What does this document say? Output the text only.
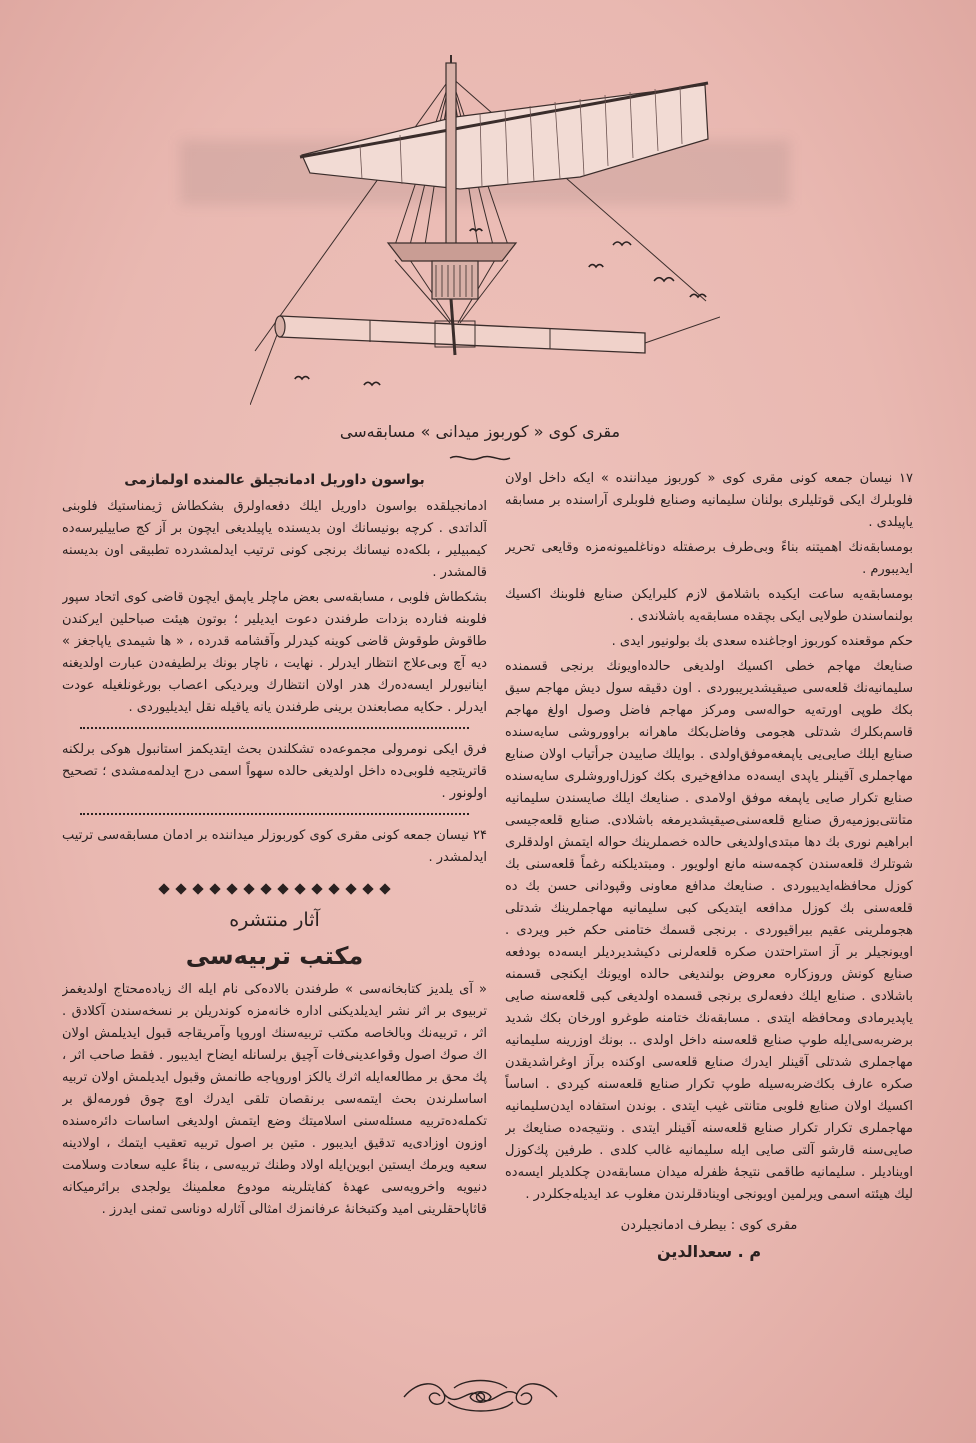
مقری کوی « کوربوز میدانی » مسابقه‌سی

۱۷ نیسان جمعه کونی مقری کوی « کوربوز میداننده » ایکه داخل اولان فلوبلرك ایکی قوتلیلری بولنان سلیمانیه وصنایع فلوبلری آراسنده بر مسابقه یاپیلدی .

بومسابقه‌نك اهمیتنه بناءً وبی‌طرف برصفتله دوناغلمیونه‌مزه وقایعی تحریر ایدیبورم .

بومسابقه‌یه ساعت ایکیده باشلامق لازم کلیرایکن صنایع فلوبنك اکسیك بولنماسندن طولایی ایکی بچقده مسابقه‌یه باشلاندی .

حکم موقعنده کوربوز اوجاغنده سعدی بك بولونیور ایدی .

صنایعك مهاجم خطی اکسیك اولدیغی حالده‌اویونك برنجی قسمنده سلیمانیه‌نك قلعه‌سی صیقیشدیریبوردی . اون دقیقه سول دیش مهاجم سیق بكك طوپی اورته‌یه حواله‌سی ومرکز مهاجم فاضل وصول اولغ مهاجم قاسم‌بكلرك شدتلی هجومی وفاضل‌بكك ماهرانه براووروشی سایه‌سنده صنایع ایلك صایی‌یی یاپمغه‌موفق‌اولدی . بوایلك صاییدن جرأتیاب اولان صنایع مهاجملری آقینلر یاپدی ایسه‌ده مدافع‌خیری بكك کوزل‌اوروشلری سایه‌سنده صنایع تکرار صایی یاپمغه موفق اولامدی . صنایعك ایلك صایسندن سلیمانیه متانتی‌بوزمیه‌رق صنایع قلعه‌سنی‌صیقیشدیرمغه باشلادی. صنایع قلعه‌جیسی ابراهیم نوری بك دها مبتدی‌اولدیغی حالده خصملرینك حواله ایتمش اولدقلری شوتلرك قلعه‌سندن کچمه‌سنه مانع اولویور . ومبتدیلکنه رغماً قلعه‌سنی بك کوزل محافظه‌ایدیبوردی . صنایعك مدافع معاونی وقپودانی حسن بك ده قلعه‌سنی بك کوزل مدافعه ایتدیکی کبی سلیمانیه مهاجملرینك شدتلی هجوملرینی عقیم بیراقیوردی . برنجی قسمك ختامنی حکم خبر ویردی . اویونجیلر بر آز استراحتدن صکره قلعه‌لرنی دکیشدیردیلر ایسه‌ده بودفعه صنایع کونش وروزکاره معروض بولندیغی حالده اویونك ایکنجی قسمنه باشلادی . صنایع ایلك دفعه‌لری برنجی قسمده اولدیغی کبی قلعه‌سنه صایی یاپدیرمادی ومحافظه ایتدی . مسابقه‌نك ختامنه طوغرو اورخان بكك شدید برضربه‌سی‌ایله طوپ صنایع قلعه‌سنه داخل اولدی .. بونك اوزرینه سلیمانیه مهاجملری شدتلی آقینلر ایدرك صنایع قلعه‌سی اوکنده برآز اوغراشدیقدن صکره عارف بکك‌ضربه‌سیله طوپ تکرار صنایع قلعه‌سنه کیردی . اساساً اکسیك اولان صنایع فلوبی متانتی غیب ایتدی . بوندن استفاده ایدن‌سلیمانیه مهاجملری تکرار تکرار صنایع قلعه‌سنه آقینلر ایتدی . ونتیجه‌ده صنایعك بر صایی‌سنه قارشو آلتی صایی ایله سلیمانیه غالب کلدی . طرفین پك‌کوزل اوینادیلر . سلیمانیه طاقمی نتیجهٔ ظفرله میدان مسابقه‌دن چکلدیلر ایسه‌ده لیك هیئته اسمی ویرلمین اویونجی اوینادقلرندن مغلوب عد ایدیله‌جکلردر .

مقری کوی : بیطرف ادمانجیلردن
م . سعدالدین
بواسون داوریل ادمانجیلق عالمنده اولمازمی

ادمانجیلقده بواسون داوریل ایلك دفعه‌اولرق بشکطاش ژیمناستیك فلوبنی آلداتدی . کرچه بونیسانك اون بدیسنده یاپیلدیغی ایچون بر آز کج صاییلیرسه‌ده کیمبیلیر ، بلکه‌ده نیسانك برنجی کونی ترتیب ایدلمشدرده تطبیقی اون بدیسنه قالمشدر .

بشکطاش فلوبی ، مسابقه‌سی بعض ماچلر یاپمق ایچون قاضی کوی اتحاد سپور فلوبنه فنارده بزدات طرفندن دعوت ایدیلیر ؛ بوتون هیئت صباحلین ایرکندن طاقوش طوقوش قاضی کوینه کیدرلر وآقشامه قدرده ، « ها شیمدی یاپاجغز » دیه آچ وبی‌علاج انتظار ایدرلر . نهایت ، ناچار بونك برلطیفه‌دن عبارت اولدیغنه اینانیورلر ایسه‌ده‌رك هدر اولان انتظارك ویردیکی اعصاب بورغونلغیله عودت ایدرلر . حکایه مصابعندن برینی طرفندن یانه یاقیله نقل ایدیلیوردی .

فرق ایکی نومرولی مجموعه‌ده تشکلندن بحث ایتدیکمز استانبول هوکی برلکنه قاتریتجیه فلوبی‌ده داخل اولدیغی حالده سهواً اسمی درج ایدلمه‌مشدی ؛ تصحیح اولونور .

۲۴ نیسان جمعه کونی مقری کوی کوربوزلر میداننده بر ادمان مسابقه‌سی ترتیب ایدلمشدر .

آثار منتشره
مکتب تربیه‌سی

« آی یلدیز کتابخانه‌سی » طرفندن بالاده‌کی نام ایله اك زیاده‌محتاج اولدیغمز تربیوی بر اثر نشر ایدیلدیکنی اداره خانه‌مزه کوندریلن بر نسخه‌سندن آکلادق . اثر ، تربیه‌نك وبالخاصه مکتب تربیه‌سنك اوروپا وآمریقاجه قبول ایدیلمش اولان اك صوك اصول وقواعدینی‌فات آچیق برلسانله ایضاح ایدیبور . فقط صاحب اثر ، پك محق بر مطالعه‌ایله اثرك یالکز اوروپاجه طانمش وقبول ایدیلمش اولان تربیه اساسلرندن بحث ایتمه‌سی برنقصان تلقی ایدرك اوچ چوق فورمه‌لق بر تکمله‌ده‌تربیه مسئله‌سنی اسلامیتك وضع ایتمش اولدیغی اساسات دائره‌سنده اوزون اوزادی‌یه تدقیق ایدیبور . متین بر اصول تربیه تعقیب ایتمك ، اولادینه سعیه ویرمك ایستین ابوین‌ایله اولاد وطنك تربیه‌سی ، بناءً علیه سعادت وسلامت دنیویه واخرویه‌سی عهدهٔ کفایتلرینه مودوع معلمینك یولجدی برائرمیکانه قاثاپاحقلرینی امید وکتبخانهٔ عرفانمزك امثالی آثارله دوناسی تمنی ایدرز .
